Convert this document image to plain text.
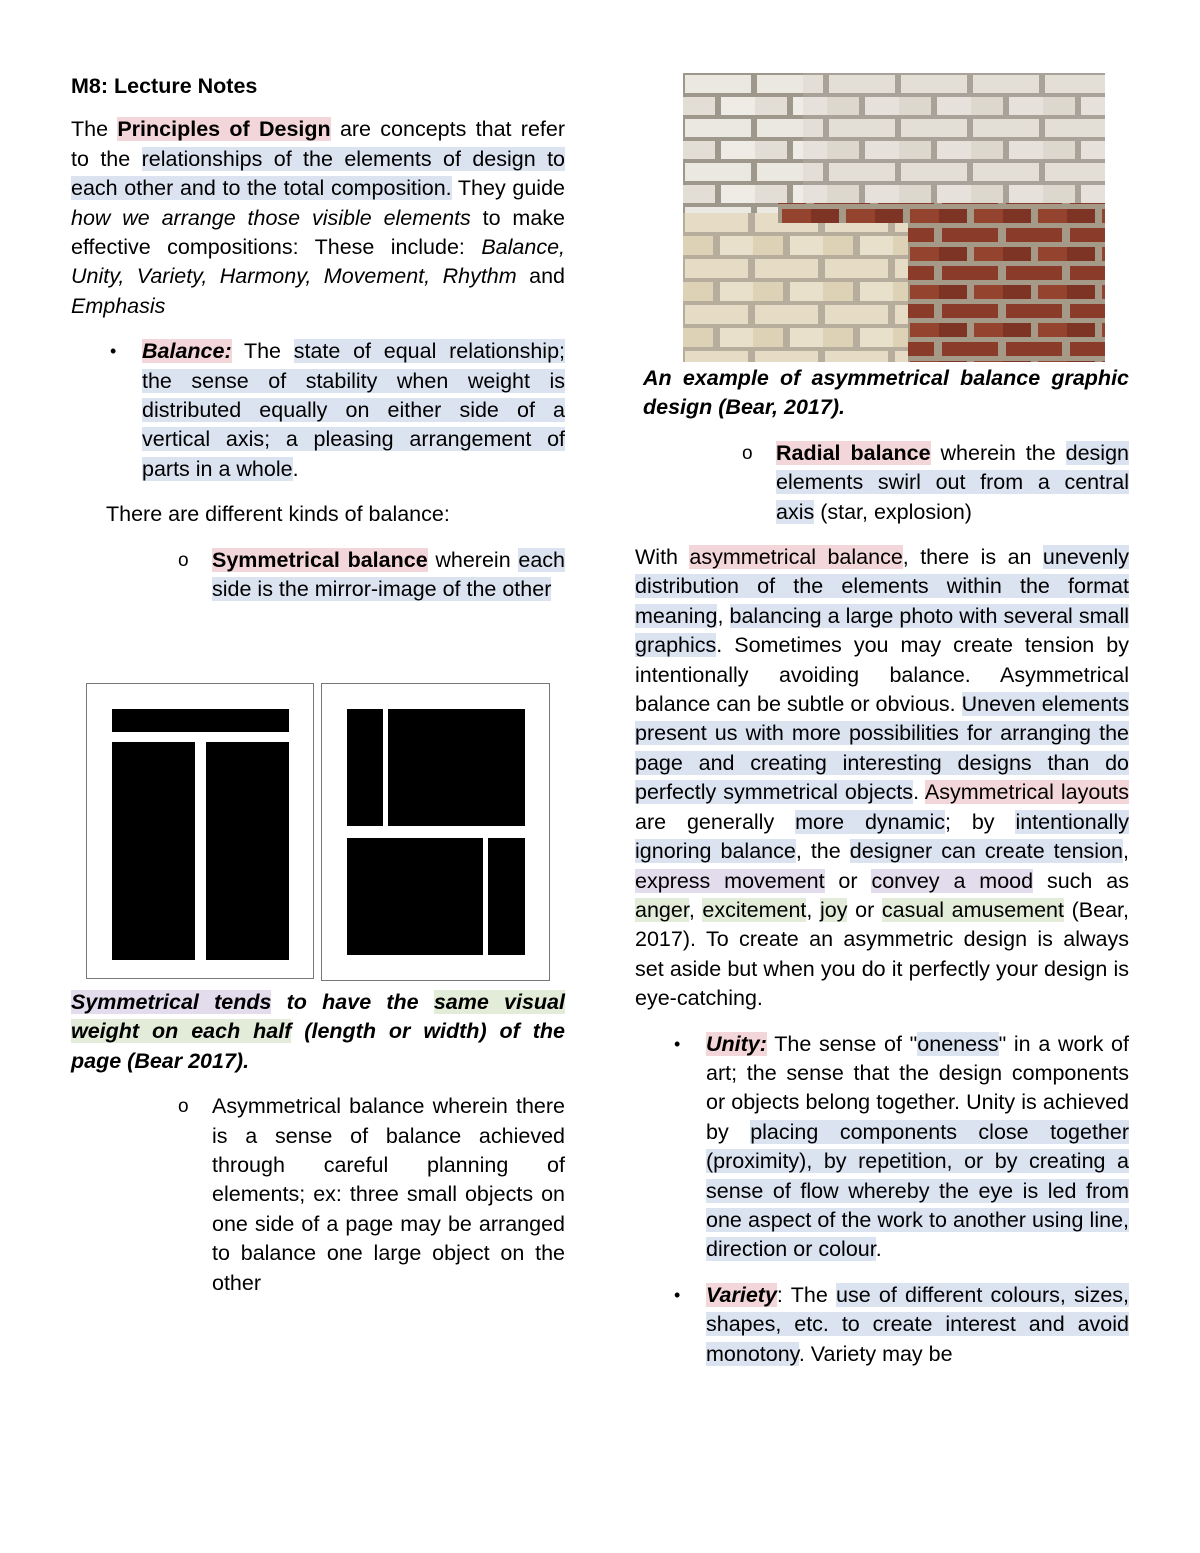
M8: Lecture Notes

The Principles of Design are concepts that refer to the relationships of the elements of design to each other and to the total composition. They guide how we arrange those visible elements to make effective compositions: These include: Balance, Unity, Variety, Harmony, Movement, Rhythm and Emphasis

• Balance: The state of equal relationship; the sense of stability when weight is distributed equally on either side of a vertical axis; a pleasing arrangement of parts in a whole.

There are different kinds of balance:

o Symmetrical balance wherein each side is the mirror-image of the other

Symmetrical tends to have the same visual weight on each half (length or width) of the page (Bear 2017).

o Asymmetrical balance wherein there is a sense of balance achieved through careful planning of elements; ex: three small objects on one side of a page may be arranged to balance one large object on the other

An example of asymmetrical balance graphic design (Bear, 2017).

o Radial balance wherein the design elements swirl out from a central axis (star, explosion)

With asymmetrical balance, there is an unevenly distribution of the elements within the format meaning, balancing a large photo with several small graphics. Sometimes you may create tension by intentionally avoiding balance. Asymmetrical balance can be subtle or obvious. Uneven elements present us with more possibilities for arranging the page and creating interesting designs than do perfectly symmetrical objects. Asymmetrical layouts are generally more dynamic; by intentionally ignoring balance, the designer can create tension, express movement or convey a mood such as anger, excitement, joy or casual amusement (Bear, 2017). To create an asymmetric design is always set aside but when you do it perfectly your design is eye-catching.

• Unity: The sense of "oneness" in a work of art; the sense that the design components or objects belong together. Unity is achieved by placing components close together (proximity), by repetition, or by creating a sense of flow whereby the eye is led from one aspect of the work to another using line, direction or colour.
• Variety: The use of different colours, sizes, shapes, etc. to create interest and avoid monotony. Variety may be
